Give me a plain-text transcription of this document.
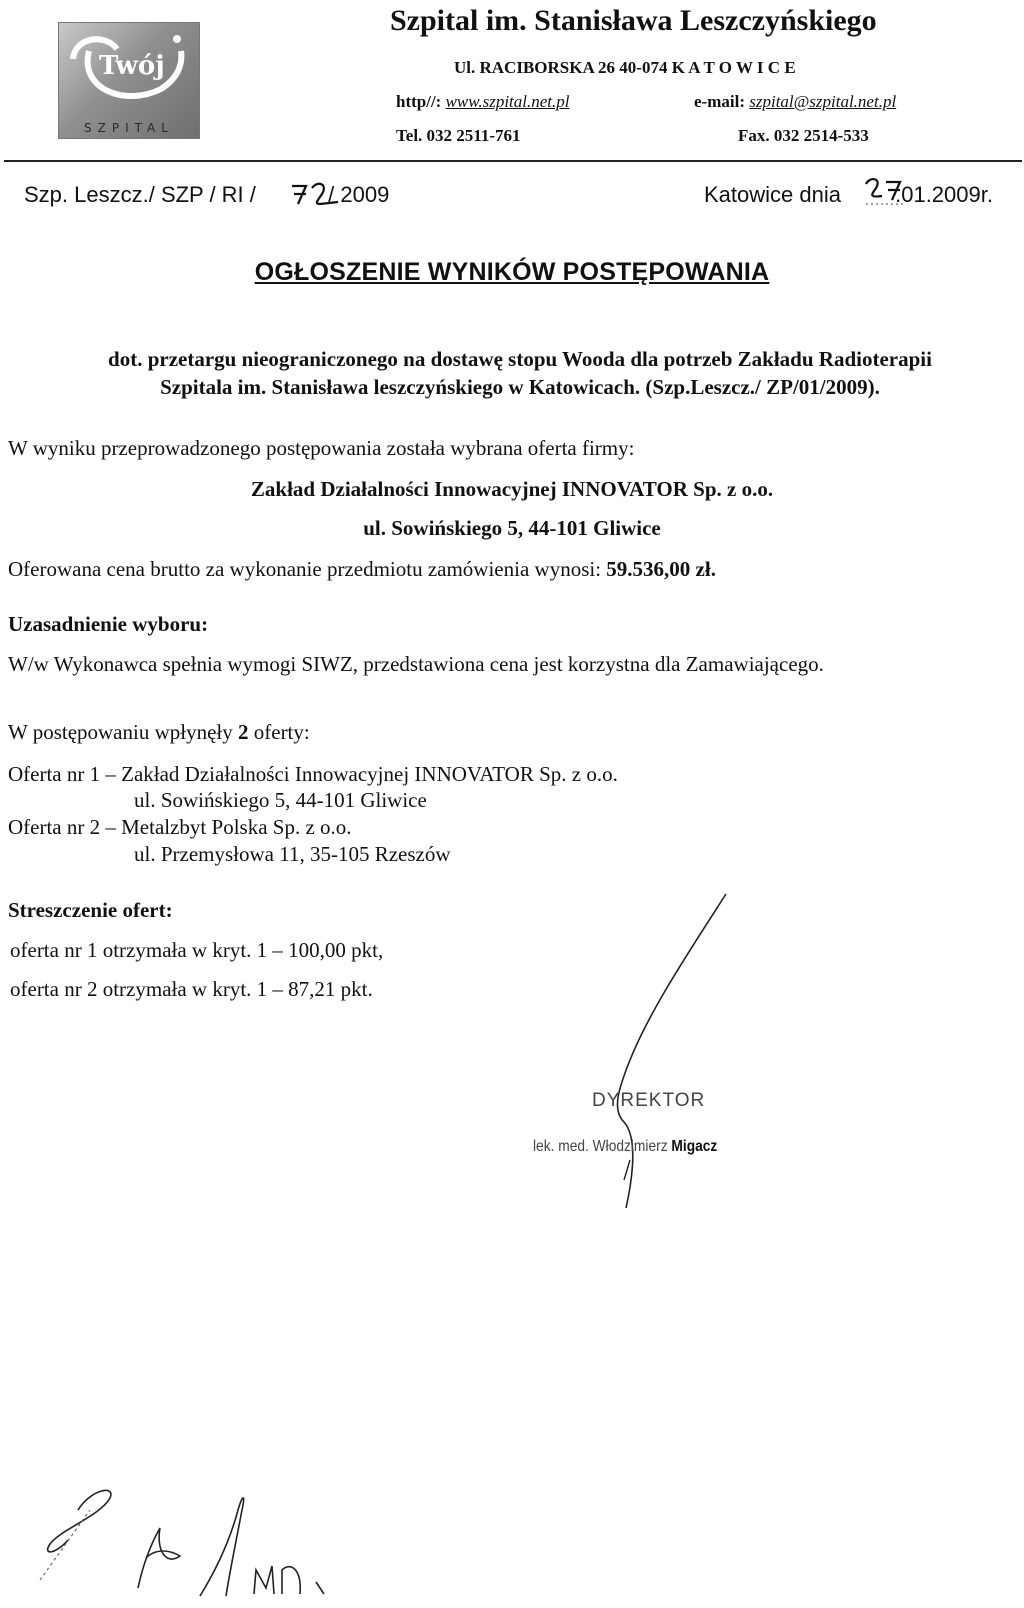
Twój
SZPITAL
Szpital im. Stanisława Leszczyńskiego
Ul. RACIBORSKA 26 40-074 K A T O W I C E
http//: www.szpital.net.pl	e-mail: szpital@szpital.net.pl
Tel. 032 2511-761	Fax. 032 2514-533
Szp. Leszcz./ SZP / RI /	/ 2009	Katowice dnia .01.2009r.
OGŁOSZENIE WYNIKÓW POSTĘPOWANIA
dot. przetargu nieograniczonego na dostawę stopu Wooda dla potrzeb Zakładu Radioterapii
Szpitala im. Stanisława leszczyńskiego w Katowicach. (Szp.Leszcz./ ZP/01/2009).
W wyniku przeprowadzonego postępowania została wybrana oferta firmy:
Zakład Działalności Innowacyjnej INNOVATOR Sp. z o.o.
ul. Sowińskiego 5, 44-101 Gliwice
Oferowana cena brutto za wykonanie przedmiotu zamówienia wynosi: 59.536,00 zł.
Uzasadnienie wyboru:
W/w Wykonawca spełnia wymogi SIWZ, przedstawiona cena jest korzystna dla Zamawiającego.
W postępowaniu wpłynęły 2 oferty:
Oferta nr 1 – Zakład Działalności Innowacyjnej INNOVATOR Sp. z o.o.
ul. Sowińskiego 5, 44-101 Gliwice
Oferta nr 2 – Metalzbyt Polska Sp. z o.o.
ul. Przemysłowa 11, 35-105 Rzeszów
Streszczenie ofert:
oferta nr 1 otrzymała w kryt. 1 – 100,00 pkt,
oferta nr 2 otrzymała w kryt. 1 – 87,21 pkt.
DYREKTOR
lek. med. Włodzimierz Migacz
